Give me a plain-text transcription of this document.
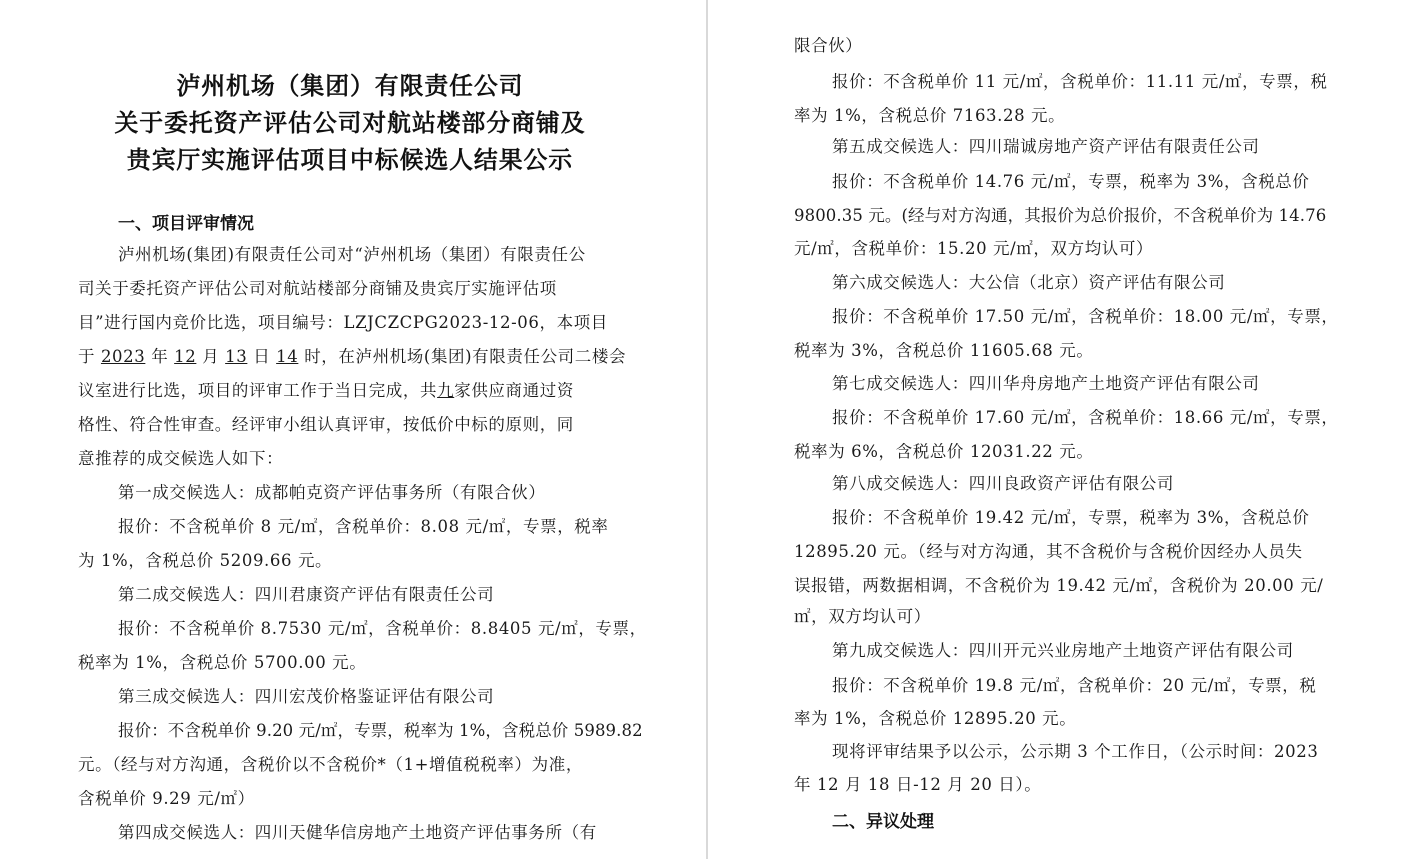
泸州机场（集团）有限责任公司
关于委托资产评估公司对航站楼部分商铺及
贵宾厅实施评估项目中标候选人结果公示
一、项目评审情况
泸州机场(集团)有限责任公司对“泸州机场（集团）有限责任公
司关于委托资产评估公司对航站楼部分商铺及贵宾厅实施评估项
目”进行国内竞价比选，项目编号：LZJCZCPG2023-12-06，本项目
于 2023 年 12 月 13 日 14 时，在泸州机场(集团)有限责任公司二楼会
议室进行比选，项目的评审工作于当日完成，共九家供应商通过资
格性、符合性审查。经评审小组认真评审，按低价中标的原则，同
意推荐的成交候选人如下：
第一成交候选人：成都帕克资产评估事务所（有限合伙）
报价：不含税单价 8 元/㎡，含税单价：8.08 元/㎡，专票，税率
为 1%，含税总价 5209.66 元。
第二成交候选人：四川君康资产评估有限责任公司
报价：不含税单价 8.7530 元/㎡，含税单价：8.8405 元/㎡，专票，
税率为 1%，含税总价 5700.00 元。
第三成交候选人：四川宏茂价格鉴证评估有限公司
报价：不含税单价 9.20 元/㎡，专票，税率为 1%，含税总价 5989.82
元。（经与对方沟通，含税价以不含税价*（1+增值税税率）为准，
含税单价 9.29 元/㎡）
第四成交候选人：四川天健华信房地产土地资产评估事务所（有
限合伙）
报价：不含税单价 11 元/㎡，含税单价：11.11 元/㎡，专票，税
率为 1%，含税总价 7163.28 元。
第五成交候选人：四川瑞诚房地产资产评估有限责任公司
报价：不含税单价 14.76 元/㎡，专票，税率为 3%，含税总价
9800.35 元。(经与对方沟通，其报价为总价报价，不含税单价为 14.76
元/㎡，含税单价：15.20 元/㎡，双方均认可）
第六成交候选人：大公信（北京）资产评估有限公司
报价：不含税单价 17.50 元/㎡，含税单价：18.00 元/㎡，专票，
税率为 3%，含税总价 11605.68 元。
第七成交候选人：四川华舟房地产土地资产评估有限公司
报价：不含税单价 17.60 元/㎡，含税单价：18.66 元/㎡，专票，
税率为 6%，含税总价 12031.22 元。
第八成交候选人：四川良政资产评估有限公司
报价：不含税单价 19.42 元/㎡，专票，税率为 3%，含税总价
12895.20 元。（经与对方沟通，其不含税价与含税价因经办人员失
误报错，两数据相调，不含税价为 19.42 元/㎡，含税价为 20.00 元/
㎡，双方均认可）
第九成交候选人：四川开元兴业房地产土地资产评估有限公司
报价：不含税单价 19.8 元/㎡，含税单价：20 元/㎡，专票，税
率为 1%，含税总价 12895.20 元。
现将评审结果予以公示，公示期 3 个工作日，（公示时间：2023
年 12 月 18 日-12 月 20 日）。
二、异议处理
